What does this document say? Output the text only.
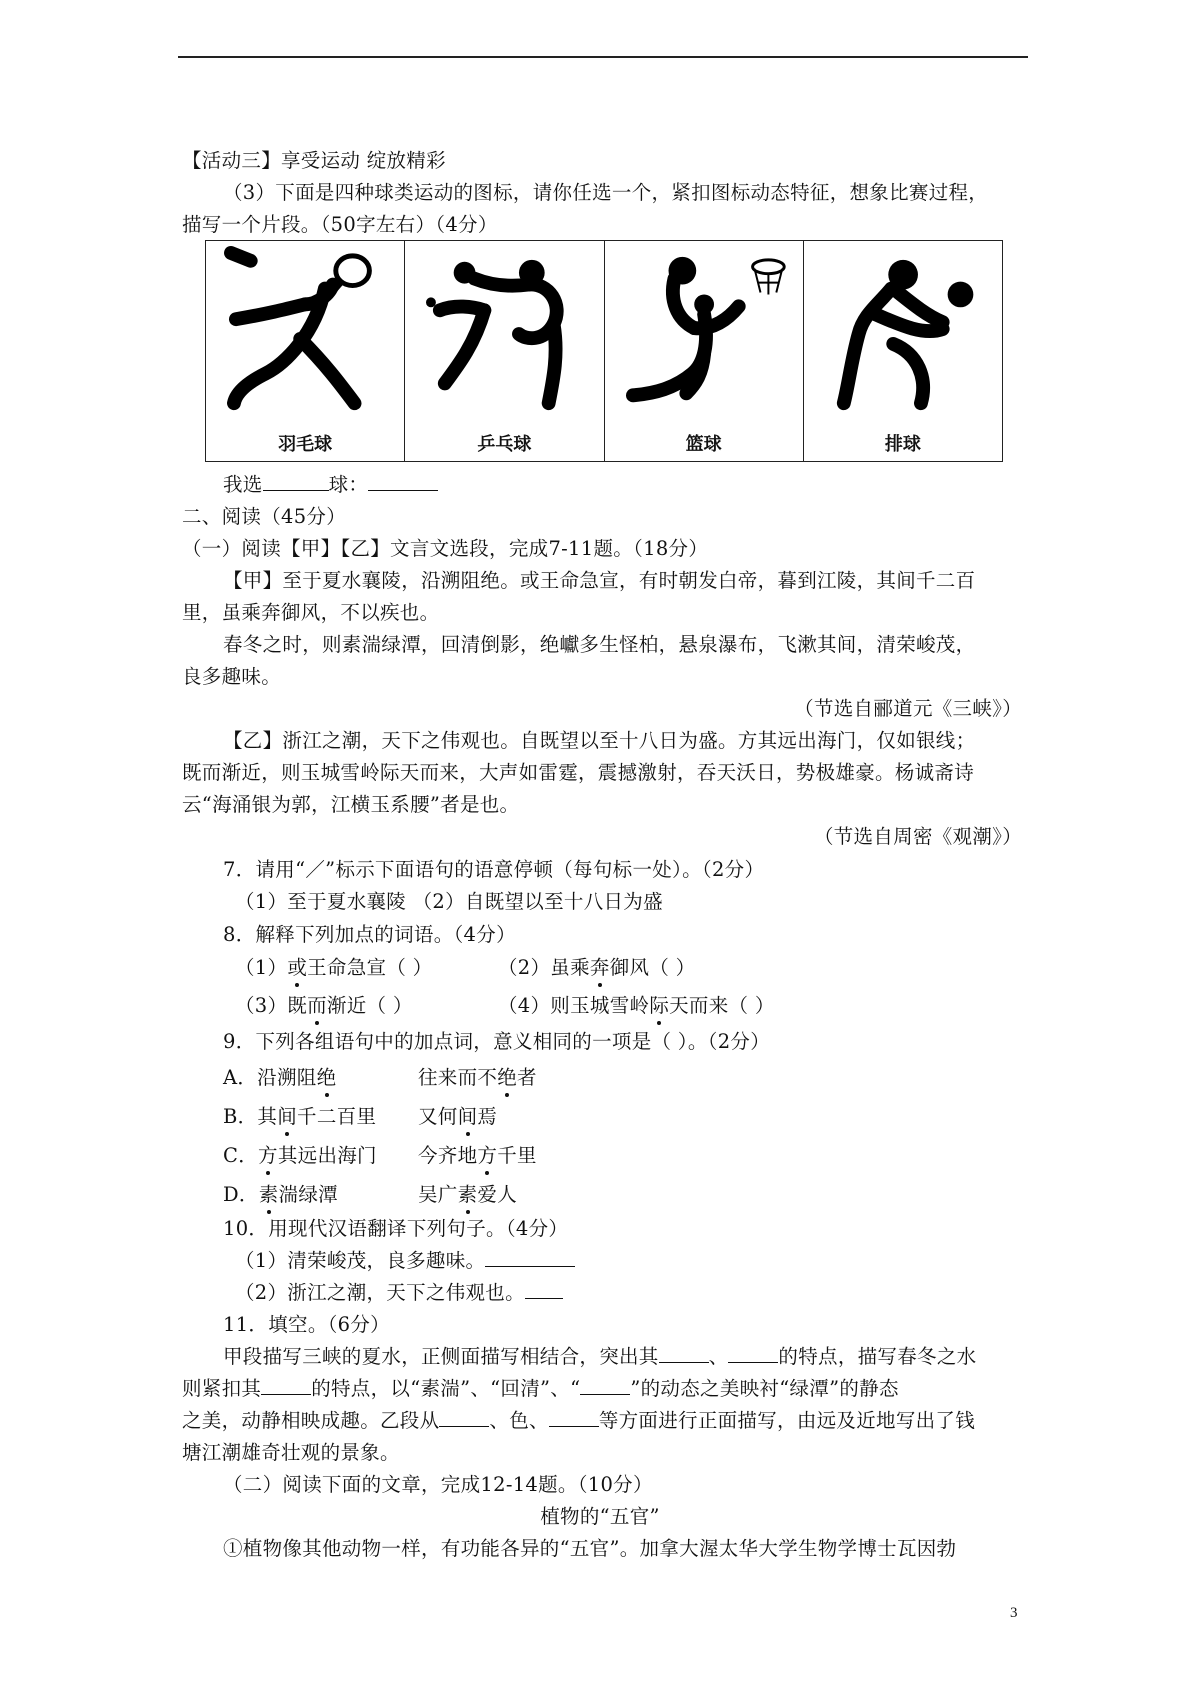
【活动三】享受运动 绽放精彩
（3）下面是四种球类运动的图标，请你任选一个，紧扣图标动态特征，想象比赛过程，
描写一个片段。（50字左右）（4分）
羽毛球	乒乓球	篮球	排球
我选	球：
二、阅读（45分）
（一）阅读【甲】【乙】文言文选段，完成7-11题。（18分）
【甲】至于夏水襄陵，沿溯阻绝。或王命急宣，有时朝发白帝，暮到江陵，其间千二百
里，虽乘奔御风，不以疾也。
春冬之时，则素湍绿潭，回清倒影，绝巘多生怪柏，悬泉瀑布，飞漱其间，清荣峻茂，
良多趣味。
（节选自郦道元《三峡》）
【乙】浙江之潮，天下之伟观也。自既望以至十八日为盛。方其远出海门，仅如银线；
既而渐近，则玉城雪岭际天而来，大声如雷霆，震撼激射，吞天沃日，势极雄豪。杨诚斋诗
云“海涌银为郭，江横玉系腰”者是也。
（节选自周密《观潮》）
7．请用“／”标示下面语句的语意停顿（每句标一处）。（2分）
（1）至于夏水襄陵 （2）自既望以至十八日为盛
8．解释下列加点的词语。（4分）
（1）或王命急宣（ ）	（2）虽乘奔御风（ ）
（3）既而渐近（ ）	（4）则玉城雪岭际天而来（ ）
9．下列各组语句中的加点词，意义相同的一项是（ ）。（2分）
A．沿溯阻绝	往来而不绝者
B．其间千二百里 又何间焉
C．方其远出海门 今齐地方千里
D．素湍绿潭	吴广素爱人
10．用现代汉语翻译下列句子。（4分）
（1）清荣峻茂，良多趣味。
（2）浙江之潮，天下之伟观也。
11．填空。（6分）
甲段描写三峡的夏水，正侧面描写相结合，突出其	、	的特点，描写春冬之水
则紧扣其	的特点，以“素湍”、“回清”、“	”的动态之美映衬“绿潭”的静态
之美，动静相映成趣。乙段从	、色、	等方面进行正面描写，由远及近地写出了钱
塘江潮雄奇壮观的景象。
（二）阅读下面的文章，完成12-14题。（10分）
植物的“五官”
①植物像其他动物一样，有功能各异的“五官”。加拿大渥太华大学生物学博士瓦因勃
3
